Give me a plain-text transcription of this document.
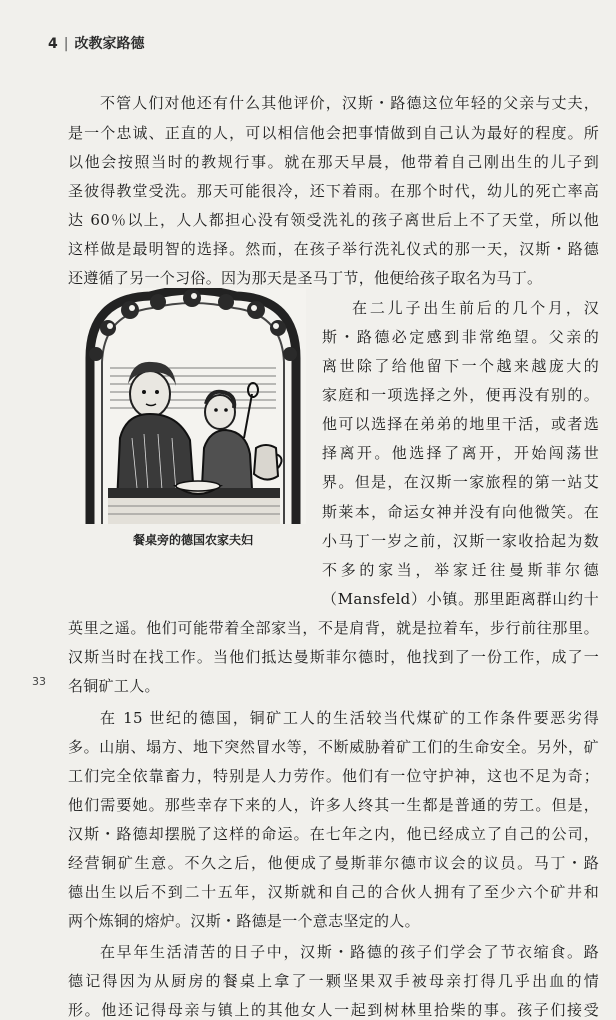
4 | 改教家路德
不管人们对他还有什么其他评价，汉斯・路德这位年轻的父亲与丈夫，
是一个忠诚、正直的人，可以相信他会把事情做到自己认为最好的程度。所
以他会按照当时的教规行事。就在那天早晨，他带着自己刚出生的儿子到
圣彼得教堂受洗。那天可能很冷，还下着雨。在那个时代，幼儿的死亡率高
达 60％以上，人人都担心没有领受洗礼的孩子离世后上不了天堂，所以他
这样做是最明智的选择。然而，在孩子举行洗礼仪式的那一天，汉斯・路德
还遵循了另一个习俗。因为那天是圣马丁节，他便给孩子取名为马丁。
在二儿子出生前后的几个月，汉
斯・路德必定感到非常绝望。父亲的
离世除了给他留下一个越来越庞大的
家庭和一项选择之外，便再没有别的。
他可以选择在弟弟的地里干活，或者选
择离开。他选择了离开，开始闯荡世
界。但是，在汉斯一家旅程的第一站艾
斯莱本，命运女神并没有向他微笑。在
小马丁一岁之前，汉斯一家收拾起为数
不多的家当，举家迁往曼斯菲尔德
（Mansfeld）小镇。那里距离群山约十
英里之遥。他们可能带着全部家当，不是肩背，就是拉着车，步行前往那里。
汉斯当时在找工作。当他们抵达曼斯菲尔德时，他找到了一份工作，成了一
名铜矿工人。
在 15 世纪的德国，铜矿工人的生活较当代煤矿的工作条件要恶劣得
多。山崩、塌方、地下突然冒水等，不断威胁着矿工们的生命安全。另外，矿
工们完全依靠畜力，特别是人力劳作。他们有一位守护神，这也不足为奇；
他们需要她。那些幸存下来的人，许多人终其一生都是普通的劳工。但是，
汉斯・路德却摆脱了这样的命运。在七年之内，他已经成立了自己的公司，
经营铜矿生意。不久之后，他便成了曼斯菲尔德市议会的议员。马丁・路
德出生以后不到二十五年，汉斯就和自己的合伙人拥有了至少六个矿井和
两个炼铜的熔炉。汉斯・路德是一个意志坚定的人。
在早年生活清苦的日子中，汉斯・路德的孩子们学会了节衣缩食。路
德记得因为从厨房的餐桌上拿了一颗坚果双手被母亲打得几乎出血的情
形。他还记得母亲与镇上的其他女人一起到树林里拾柴的事。孩子们接受
33
餐桌旁的德国农家夫妇
